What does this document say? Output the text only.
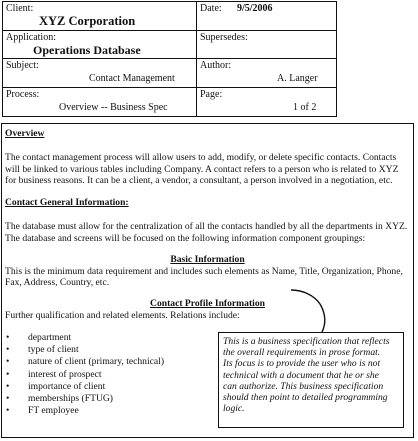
Client:
XYZ Corporation
Date: 9/5/2006
Application:
Operations Database
Supersedes:
Subject:
Contact Management
Author:
A. Langer
Process:
Overview -- Business Spec
Page:
1 of 2
Overview
The contact management process will allow users to add, modify, or delete specific contacts. Contacts
will be linked to various tables including Company. A contact refers to a person who is related to XYZ
for business reasons. It can be a client, a vendor, a consultant, a person involved in a negotiation, etc.
Contact General Information:
The database must allow for the centralization of all the contacts handled by all the departments in XYZ.
The database and screens will be focused on the following information component groupings:
Basic Information
This is the minimum data requirement and includes such elements as Name, Title, Organization, Phone,
Fax, Address, Country, etc.
Contact Profile Information
Further qualification and related elements. Relations include:
• department
• type of client
• nature of client (primary, technical)
• interest of prospect
• importance of client
• memberships (FTUG)
• FT employee
This is a business specification that reflects
the overall requirements in prose format.
Its focus is to provide the user who is not
technical with a document that he or she
can authorize. This business specification
should then point to detailed programming
logic.
